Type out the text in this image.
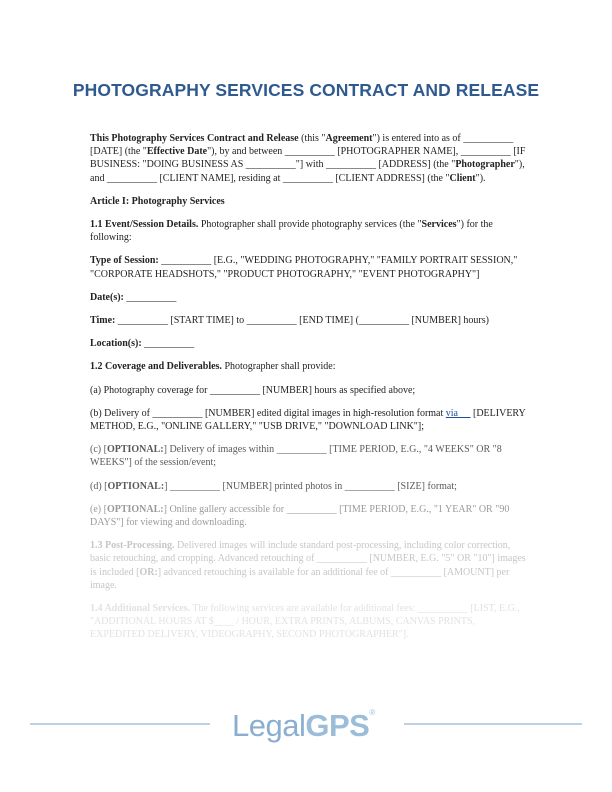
PHOTOGRAPHY SERVICES CONTRACT AND RELEASE

This Photography Services Contract and Release (this "Agreement") is entered into as of __________ [DATE] (the "Effective Date"), by and between __________ [PHOTOGRAPHER NAME], __________ [IF BUSINESS: "DOING BUSINESS AS __________"] with __________ [ADDRESS] (the "Photographer"), and __________ [CLIENT NAME], residing at __________ [CLIENT ADDRESS] (the "Client").

Article I: Photography Services

1.1 Event/Session Details. Photographer shall provide photography services (the "Services") for the following:

Type of Session: __________ [E.G., "WEDDING PHOTOGRAPHY," "FAMILY PORTRAIT SESSION," "CORPORATE HEADSHOTS," "PRODUCT PHOTOGRAPHY," "EVENT PHOTOGRAPHY"]

Date(s): __________

Time: __________ [START TIME] to __________ [END TIME] (__________ [NUMBER] hours)

Location(s): __________

1.2 Coverage and Deliverables. Photographer shall provide:

(a) Photography coverage for __________ [NUMBER] hours as specified above;

(b) Delivery of __________ [NUMBER] edited digital images in high-resolution format via __ [DELIVERY METHOD, E.G., "ONLINE GALLERY," "USB DRIVE," "DOWNLOAD LINK"];

(c) [OPTIONAL:] Delivery of images within __________ [TIME PERIOD, E.G., "4 WEEKS" OR "8 WEEKS"] of the session/event;

(d) [OPTIONAL:] __________ [NUMBER] printed photos in __________ [SIZE] format;

(e) [OPTIONAL:] Online gallery accessible for __________ [TIME PERIOD, E.G., "1 YEAR" OR "90 DAYS"] for viewing and downloading.

1.3 Post-Processing. Delivered images will include standard post-processing, including color correction, basic retouching, and cropping. Advanced retouching of __________ [NUMBER, E.G. "5" OR "10"] images is included [OR:] advanced retouching is available for an additional fee of __________ [AMOUNT] per image.

1.4 Additional Services. The following services are available for additional fees: __________ [LIST, E.G., "ADDITIONAL HOURS AT $____ / HOUR, EXTRA PRINTS, ALBUMS, CANVAS PRINTS, EXPEDITED DELIVERY, VIDEOGRAPHY, SECOND PHOTOGRAPHER"].

LegalGPS®
